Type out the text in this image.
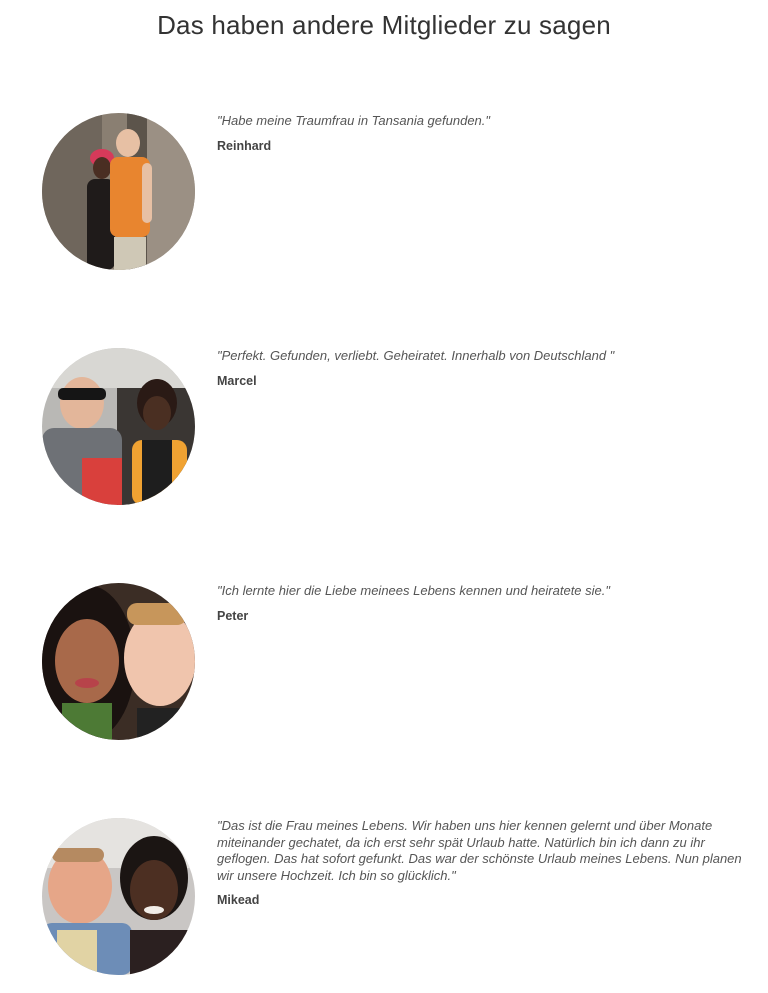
Das haben andere Mitglieder zu sagen

"Habe meine Traumfrau in Tansania gefunden."

Reinhard

"Perfekt. Gefunden, verliebt. Geheiratet. Innerhalb von Deutschland "

Marcel

"Ich lernte hier die Liebe meinees Lebens kennen und heiratete sie."

Peter

"Das ist die Frau meines Lebens. Wir haben uns hier kennen gelernt und über Monate miteinander gechatet, da ich erst sehr spät Urlaub hatte. Natürlich bin ich dann zu ihr geflogen. Das hat sofort gefunkt. Das war der schönste Urlaub meines Lebens. Nun planen wir unsere Hochzeit. Ich bin so glücklich."

Mikead
